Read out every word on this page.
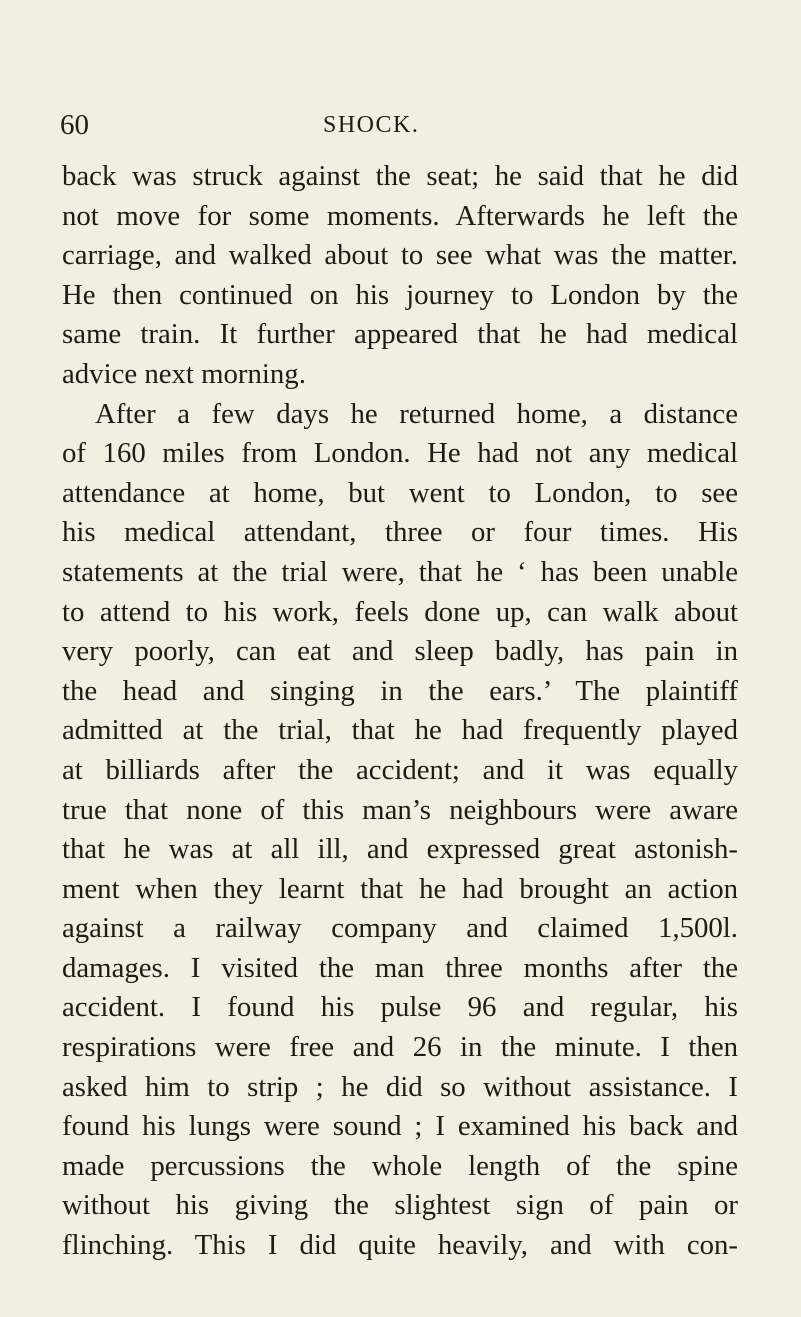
60	SHOCK.
back was struck against the seat; he said that he did
not move for some moments. Afterwards he left the
carriage, and walked about to see what was the matter.
He then continued on his journey to London by the
same train. It further appeared that he had medical
advice next morning.
After a few days he returned home, a distance
of 160 miles from London. He had not any medical
attendance at home, but went to London, to see
his medical attendant, three or four times. His
statements at the trial were, that he ‘ has been unable
to attend to his work, feels done up, can walk about
very poorly, can eat and sleep badly, has pain in
the head and singing in the ears.’ The plaintiff
admitted at the trial, that he had frequently played
at billiards after the accident; and it was equally
true that none of this man’s neighbours were aware
that he was at all ill, and expressed great astonish-
ment when they learnt that he had brought an action
against a railway company and claimed 1,500l.
damages. I visited the man three months after the
accident. I found his pulse 96 and regular, his
respirations were free and 26 in the minute. I then
asked him to strip ; he did so without assistance. I
found his lungs were sound ; I examined his back and
made percussions the whole length of the spine
without his giving the slightest sign of pain or
flinching. This I did quite heavily, and with con-
